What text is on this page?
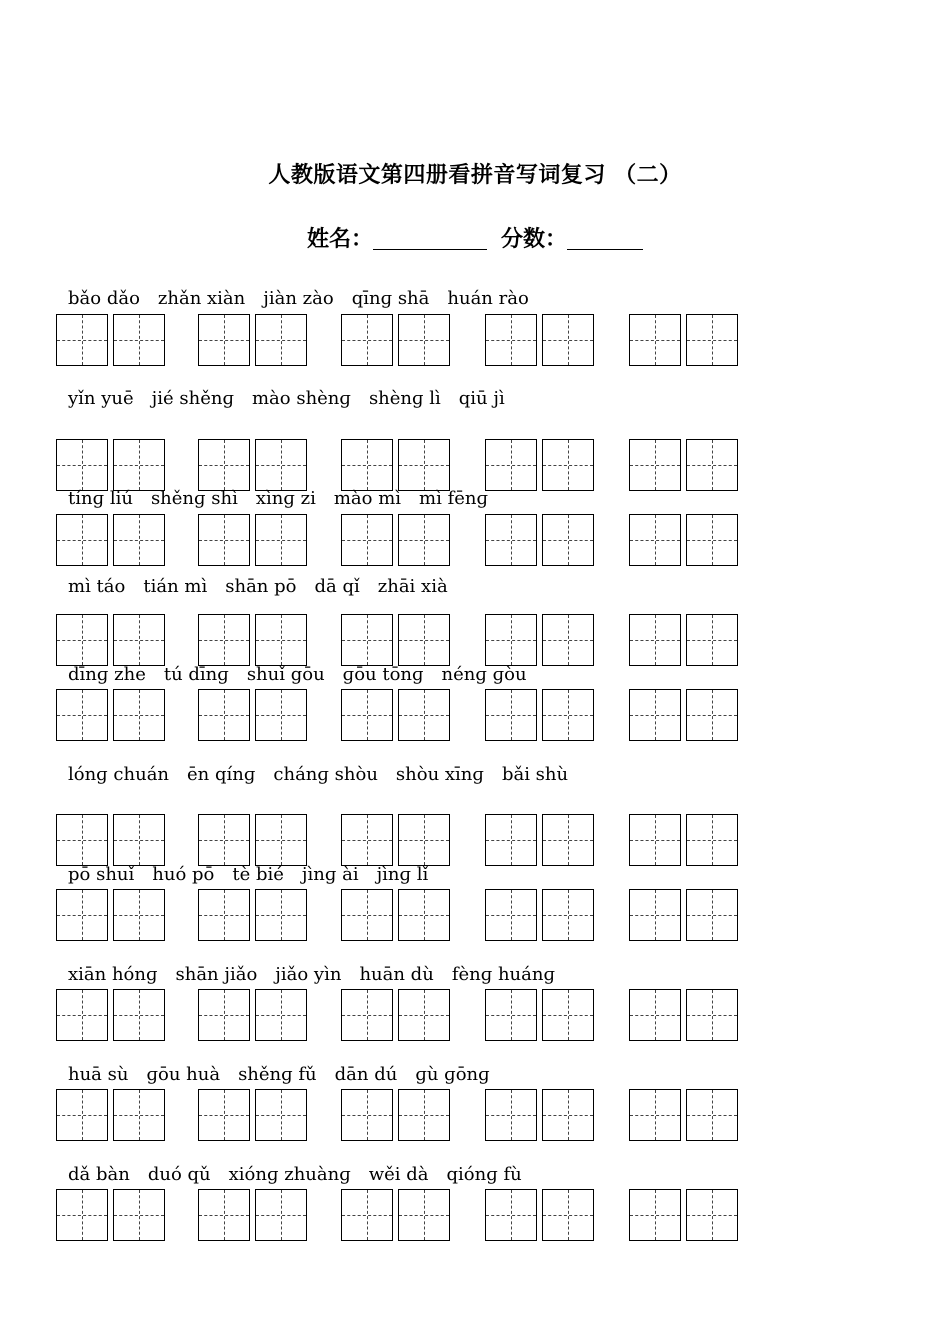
人教版语文第四册看拼音写词复习 （二）
姓名：	分数：
bǎo dǎo zhǎn xiàn jiàn zào qīnɡ shā huán rào
yǐn yuē jié shěnɡ mào shènɡ shènɡ lì qiū jì
tínɡ liú shěnɡ shì xìnɡ zi mào mì mì fēnɡ
mì táo tián mì shān pō dā qǐ zhāi xià
dīnɡ zhe tú dīnɡ shuǐ gōu ɡōu tōnɡ nénɡ ɡòu
lónɡ chuán ēn qínɡ chánɡ shòu shòu xīnɡ bǎi shù
pō shuǐ huó pō tè bié jìnɡ ài jìnɡ lǐ
xiān hónɡ shān jiǎo jiǎo yìn huān dù fènɡ huánɡ
huā sù ɡōu huà shěnɡ fǔ dān dú ɡù ɡōnɡ
dǎ bàn duó qǔ xiónɡ zhuànɡ wěi dà qiónɡ fù
